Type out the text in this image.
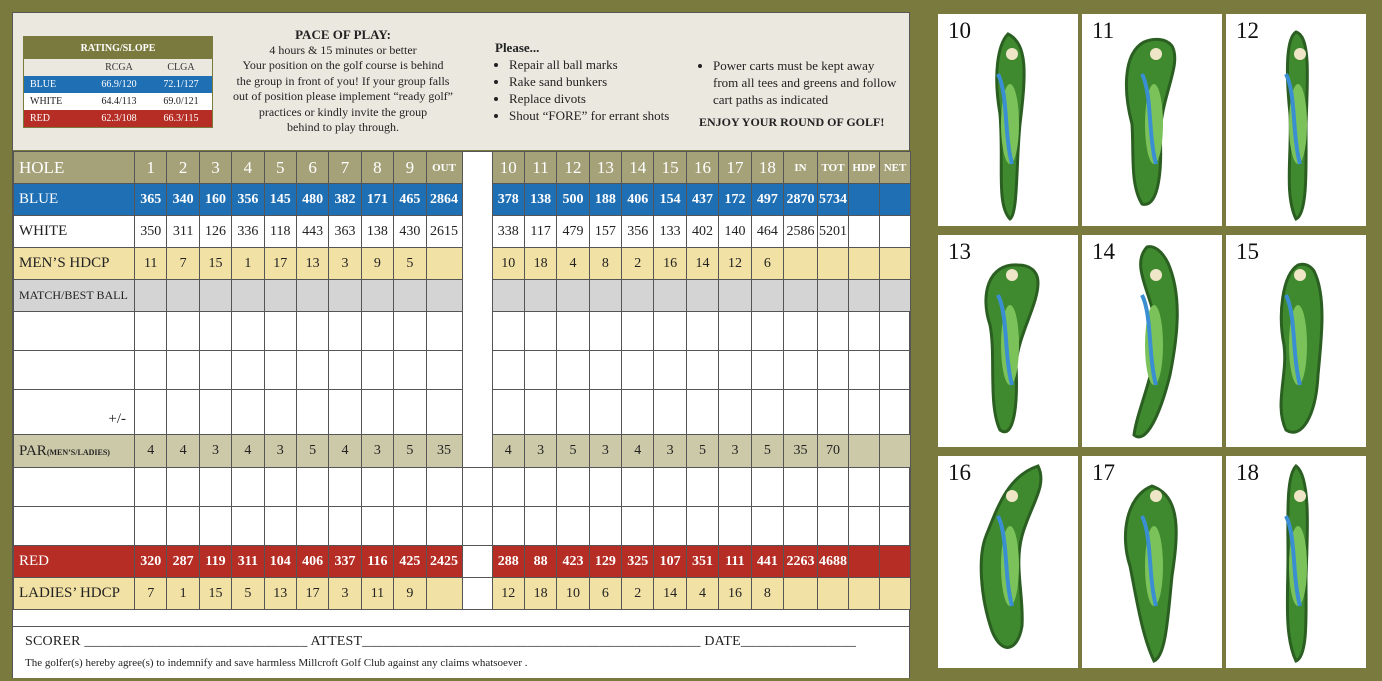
RATING/SLOPE
RCGA	CLGA
BLUE	66.9/120	72.1/127
WHITE	64.4/113	69.0/121
RED	62.3/108	66.3/115
PACE OF PLAY:
4 hours & 15 minutes or better
Your position on the golf course is behind
the group in front of you! If your group falls
out of position please implement “ready golf”
practices or kindly invite the group
behind to play through.
Please...
• Repair all ball marks
• Rake sand bunkers
• Replace divots
• Shout “FORE” for errant shots
• Power carts must be kept away from all tees and greens and follow cart paths as indicated
ENJOY YOUR ROUND OF GOLF!
HOLE	1	2	3	4	5	6	7	8	9	OUT	PLAYER	10	11	12	13	14	15	16	17	18	IN	TOT	HDP	NET
BLUE	365	340	160	356	145	480	382	171	465	2864		378	138	500	188	406	154	437	172	497	2870	5734		
WHITE	350	311	126	336	118	443	363	138	430	2615		338	117	479	157	356	133	402	140	464	2586	5201		
MEN’S HDCP	11	7	15	1	17	13	3	9	5			10	18	4	8	2	16	14	12	6				
MATCH/BEST BALL																								

+/-																								
PAR(MEN’S/LADIES)	4	4	3	4	3	5	4	3	5	35		4	3	5	3	4	3	5	3	5	35	70		

RED	320	287	119	311	104	406	337	116	425	2425		288	88	423	129	325	107	351	111	441	2263	4688		
LADIES’ HDCP	7	1	15	5	13	17	3	11	9			12	18	10	6	2	14	4	16	8				
SCORER _______________________________ ATTEST_______________________________________________ DATE________________
The golfer(s) hereby agree(s) to indemnify and save harmless Millcroft Golf Club against any claims whatsoever .
10	11	12
13	14	15
16	17	18
